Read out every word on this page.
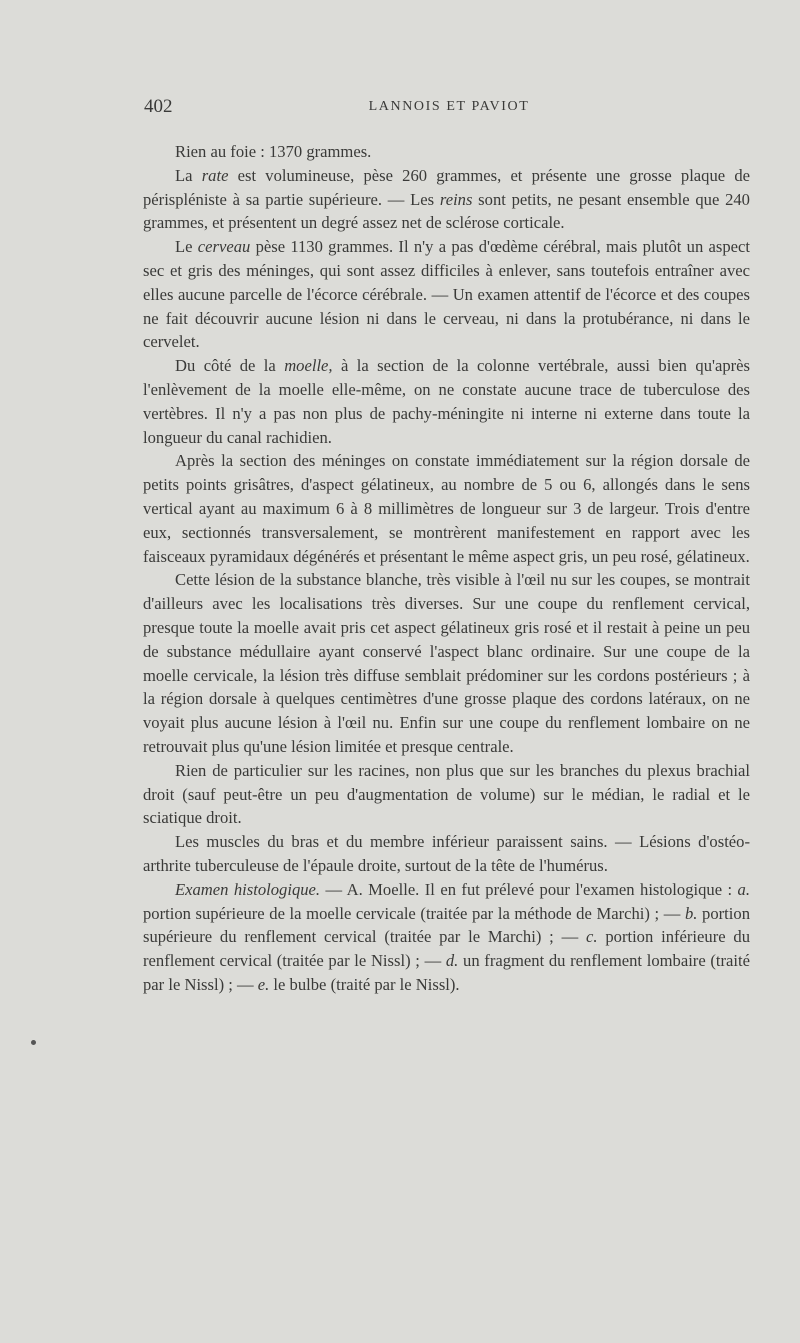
402	LANNOIS ET PAVIOT

Rien au foie : 1370 grammes.

La rate est volumineuse, pèse 260 grammes, et présente une grosse plaque de périspléniste à sa partie supérieure. — Les reins sont petits, ne pesant ensemble que 240 grammes, et présentent un degré assez net de sclérose corticale.

Le cerveau pèse 1130 grammes. Il n'y a pas d'œdème cérébral, mais plutôt un aspect sec et gris des méninges, qui sont assez difficiles à enlever, sans toutefois entraîner avec elles aucune parcelle de l'écorce cérébrale. — Un examen attentif de l'écorce et des coupes ne fait découvrir aucune lésion ni dans le cerveau, ni dans la protubérance, ni dans le cervelet.

Du côté de la moelle, à la section de la colonne vertébrale, aussi bien qu'après l'enlèvement de la moelle elle-même, on ne constate aucune trace de tuberculose des vertèbres. Il n'y a pas non plus de pachy-méningite ni interne ni externe dans toute la longueur du canal rachidien.

Après la section des méninges on constate immédiatement sur la région dorsale de petits points grisâtres, d'aspect gélatineux, au nombre de 5 ou 6, allongés dans le sens vertical ayant au maximum 6 à 8 millimètres de longueur sur 3 de largeur. Trois d'entre eux, sectionnés transversalement, se montrèrent manifestement en rapport avec les faisceaux pyramidaux dégénérés et présentant le même aspect gris, un peu rosé, gélatineux.

Cette lésion de la substance blanche, très visible à l'œil nu sur les coupes, se montrait d'ailleurs avec les localisations très diverses. Sur une coupe du renflement cervical, presque toute la moelle avait pris cet aspect gélatineux gris rosé et il restait à peine un peu de substance médullaire ayant conservé l'aspect blanc ordinaire. Sur une coupe de la moelle cervicale, la lésion très diffuse semblait prédominer sur les cordons postérieurs ; à la région dorsale à quelques centimètres d'une grosse plaque des cordons latéraux, on ne voyait plus aucune lésion à l'œil nu. Enfin sur une coupe du renflement lombaire on ne retrouvait plus qu'une lésion limitée et presque centrale.

Rien de particulier sur les racines, non plus que sur les branches du plexus brachial droit (sauf peut-être un peu d'augmentation de volume) sur le médian, le radial et le sciatique droit.

Les muscles du bras et du membre inférieur paraissent sains. — Lésions d'ostéo-arthrite tuberculeuse de l'épaule droite, surtout de la tête de l'humérus.

Examen histologique. — A. Moelle. Il en fut prélevé pour l'examen histologique : a. portion supérieure de la moelle cervicale (traitée par la méthode de Marchi) ; — b. portion supérieure du renflement cervical (traitée par le Marchi) ; — c. portion inférieure du renflement cervical (traitée par le Nissl) ; — d. un fragment du renflement lombaire (traité par le Nissl) ; — e. le bulbe (traité par le Nissl).
